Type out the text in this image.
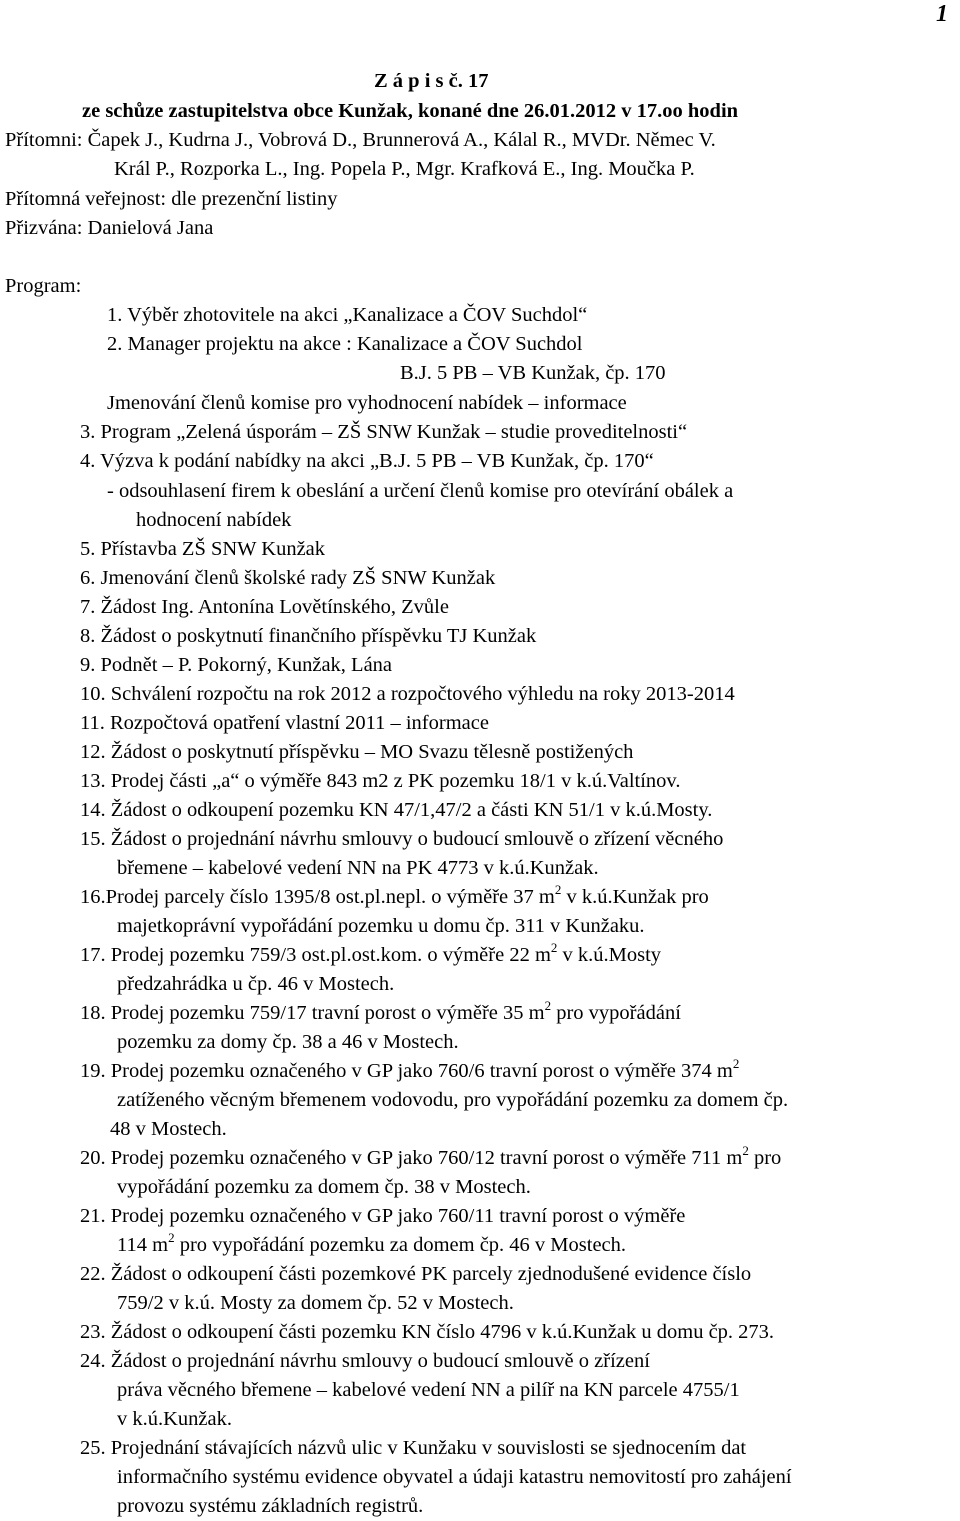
1
Z á p i s č. 17
ze schůze zastupitelstva obce Kunžak, konané dne 26.01.2012 v 17.oo hodin
Přítomni: Čapek J., Kudrna J., Vobrová D., Brunnerová A., Kálal R., MVDr. Němec V.
Král P., Rozporka L., Ing. Popela P., Mgr. Krafková E., Ing. Moučka P.
Přítomná veřejnost: dle prezenční listiny
Přizvána: Danielová Jana
Program:
1. Výběr zhotovitele na akci „Kanalizace a ČOV Suchdol“
2. Manager projektu na akce : Kanalizace a ČOV Suchdol
B.J. 5 PB – VB Kunžak, čp. 170
Jmenování členů komise pro vyhodnocení nabídek – informace
3. Program „Zelená úsporám – ZŠ SNW Kunžak – studie proveditelnosti“
4. Výzva k podání nabídky na akci „B.J. 5 PB – VB Kunžak, čp. 170“
- odsouhlasení firem k obeslání a určení členů komise pro otevírání obálek a
hodnocení nabídek
5. Přístavba ZŠ SNW Kunžak
6. Jmenování členů školské rady ZŠ SNW Kunžak
7. Žádost Ing. Antonína Lovětínského, Zvůle
8. Žádost o poskytnutí finančního příspěvku TJ Kunžak
9. Podnět – P. Pokorný, Kunžak, Lána
10. Schválení rozpočtu na rok 2012 a rozpočtového výhledu na roky 2013-2014
11. Rozpočtová opatření vlastní 2011 – informace
12. Žádost o poskytnutí příspěvku – MO Svazu tělesně postižených
13. Prodej části „a“ o výměře 843 m2 z PK pozemku 18/1 v k.ú.Valtínov.
14. Žádost o odkoupení pozemku KN 47/1,47/2 a části KN 51/1 v k.ú.Mosty.
15. Žádost o projednání návrhu smlouvy o budoucí smlouvě o zřízení věcného
břemene – kabelové vedení NN na PK 4773 v k.ú.Kunžak.
16.Prodej parcely číslo 1395/8 ost.pl.nepl. o výměře 37 $m^2$ v k.ú.Kunžak pro
majetkoprávní vypořádání pozemku u domu čp. 311 v Kunžaku.
17. Prodej pozemku 759/3 ost.pl.ost.kom. o výměře 22 $m^2$ v k.ú.Mosty
předzahrádka u čp. 46 v Mostech.
18. Prodej pozemku 759/17 travní porost o výměře 35 $m^2$ pro vypořádání
pozemku za domy čp. 38 a 46 v Mostech.
19. Prodej pozemku označeného v GP jako 760/6 travní porost o výměře 374 $m^2$
zatíženého věcným břemenem vodovodu, pro vypořádání pozemku za domem čp.
48 v Mostech.
20. Prodej pozemku označeného v GP jako 760/12 travní porost o výměře 711 $m^2$ pro
vypořádání pozemku za domem čp. 38 v Mostech.
21. Prodej pozemku označeného v GP jako 760/11 travní porost o výměře
114 $m^2$ pro vypořádání pozemku za domem čp. 46 v Mostech.
22. Žádost o odkoupení části pozemkové PK parcely zjednodušené evidence číslo
759/2 v k.ú. Mosty za domem čp. 52 v Mostech.
23. Žádost o odkoupení části pozemku KN číslo 4796 v k.ú.Kunžak u domu čp. 273.
24. Žádost o projednání návrhu smlouvy o budoucí smlouvě o zřízení
práva věcného břemene – kabelové vedení NN a pilíř na KN parcele 4755/1
v k.ú.Kunžak.
25. Projednání stávajících názvů ulic v Kunžaku v souvislosti se sjednocením dat
informačního systému evidence obyvatel a údaji katastru nemovitostí pro zahájení
provozu systému základních registrů.
